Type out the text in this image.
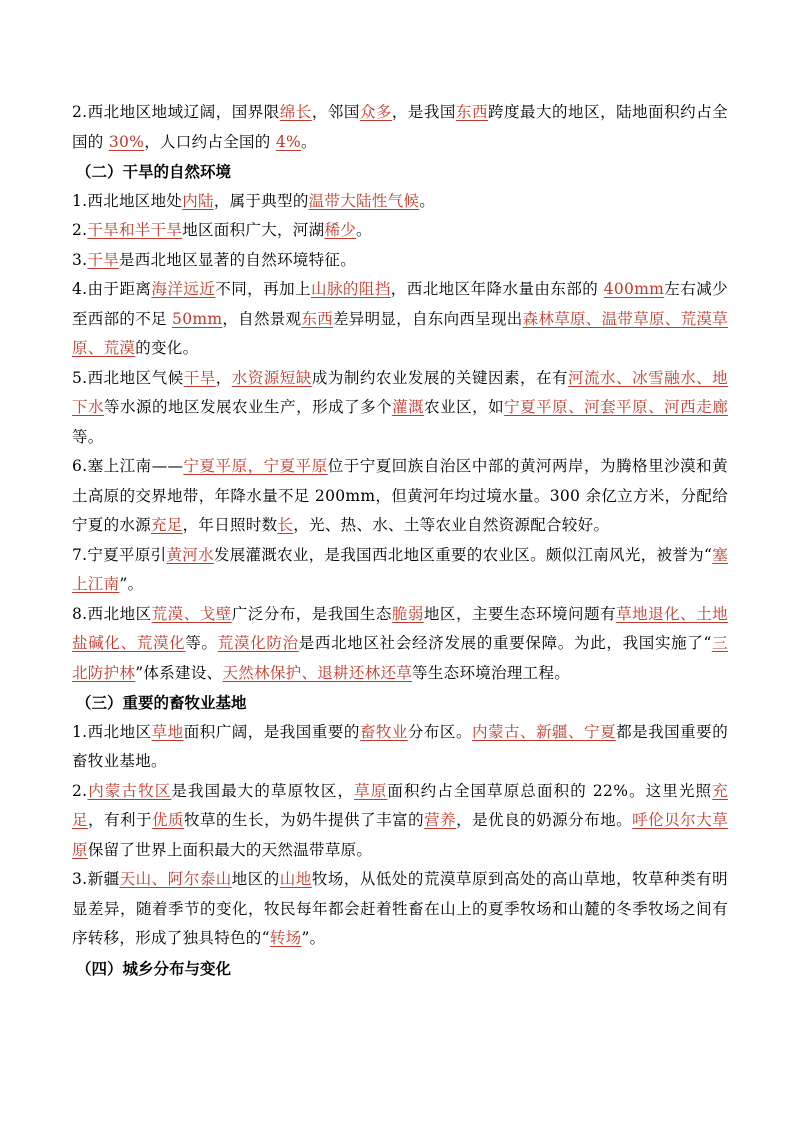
2.西北地区地域辽阔，国界限绵长，邻国众多，是我国东西跨度最大的地区，陆地面积约占全国的 30%，人口约占全国的 4%。

（二）干旱的自然环境

1.西北地区地处内陆，属于典型的温带大陆性气候。

2.干旱和半干旱地区面积广大，河湖稀少。

3.干旱是西北地区显著的自然环境特征。

4.由于距离海洋远近不同，再加上山脉的阻挡，西北地区年降水量由东部的 400mm左右减少至西部的不足 50mm，自然景观东西差异明显，自东向西呈现出森林草原、温带草原、荒漠草原、荒漠的变化。

5.西北地区气候干旱，水资源短缺成为制约农业发展的关键因素，在有河流水、冰雪融水、地下水等水源的地区发展农业生产，形成了多个灌溉农业区，如宁夏平原、河套平原、河西走廊等。

6.塞上江南——宁夏平原，宁夏平原位于宁夏回族自治区中部的黄河两岸，为腾格里沙漠和黄土高原的交界地带，年降水量不足 200mm，但黄河年均过境水量。300 余亿立方米，分配给宁夏的水源充足，年日照时数长，光、热、水、土等农业自然资源配合较好。

7.宁夏平原引黄河水发展灌溉农业，是我国西北地区重要的农业区。颇似江南风光，被誉为“塞上江南”。

8.西北地区荒漠、戈壁广泛分布，是我国生态脆弱地区，主要生态环境问题有草地退化、土地盐碱化、荒漠化等。荒漠化防治是西北地区社会经济发展的重要保障。为此，我国实施了“三北防护林”体系建设、天然林保护、退耕还林还草等生态环境治理工程。

（三）重要的畜牧业基地

1.西北地区草地面积广阔，是我国重要的畜牧业分布区。内蒙古、新疆、宁夏都是我国重要的畜牧业基地。

2.内蒙古牧区是我国最大的草原牧区，草原面积约占全国草原总面积的 22%。这里光照充足，有利于优质牧草的生长，为奶牛提供了丰富的营养，是优良的奶源分布地。呼伦贝尔大草原保留了世界上面积最大的天然温带草原。

3.新疆天山、阿尔泰山地区的山地牧场，从低处的荒漠草原到高处的高山草地，牧草种类有明显差异，随着季节的变化，牧民每年都会赶着牲畜在山上的夏季牧场和山麓的冬季牧场之间有序转移，形成了独具特色的“转场”。

（四）城乡分布与变化
